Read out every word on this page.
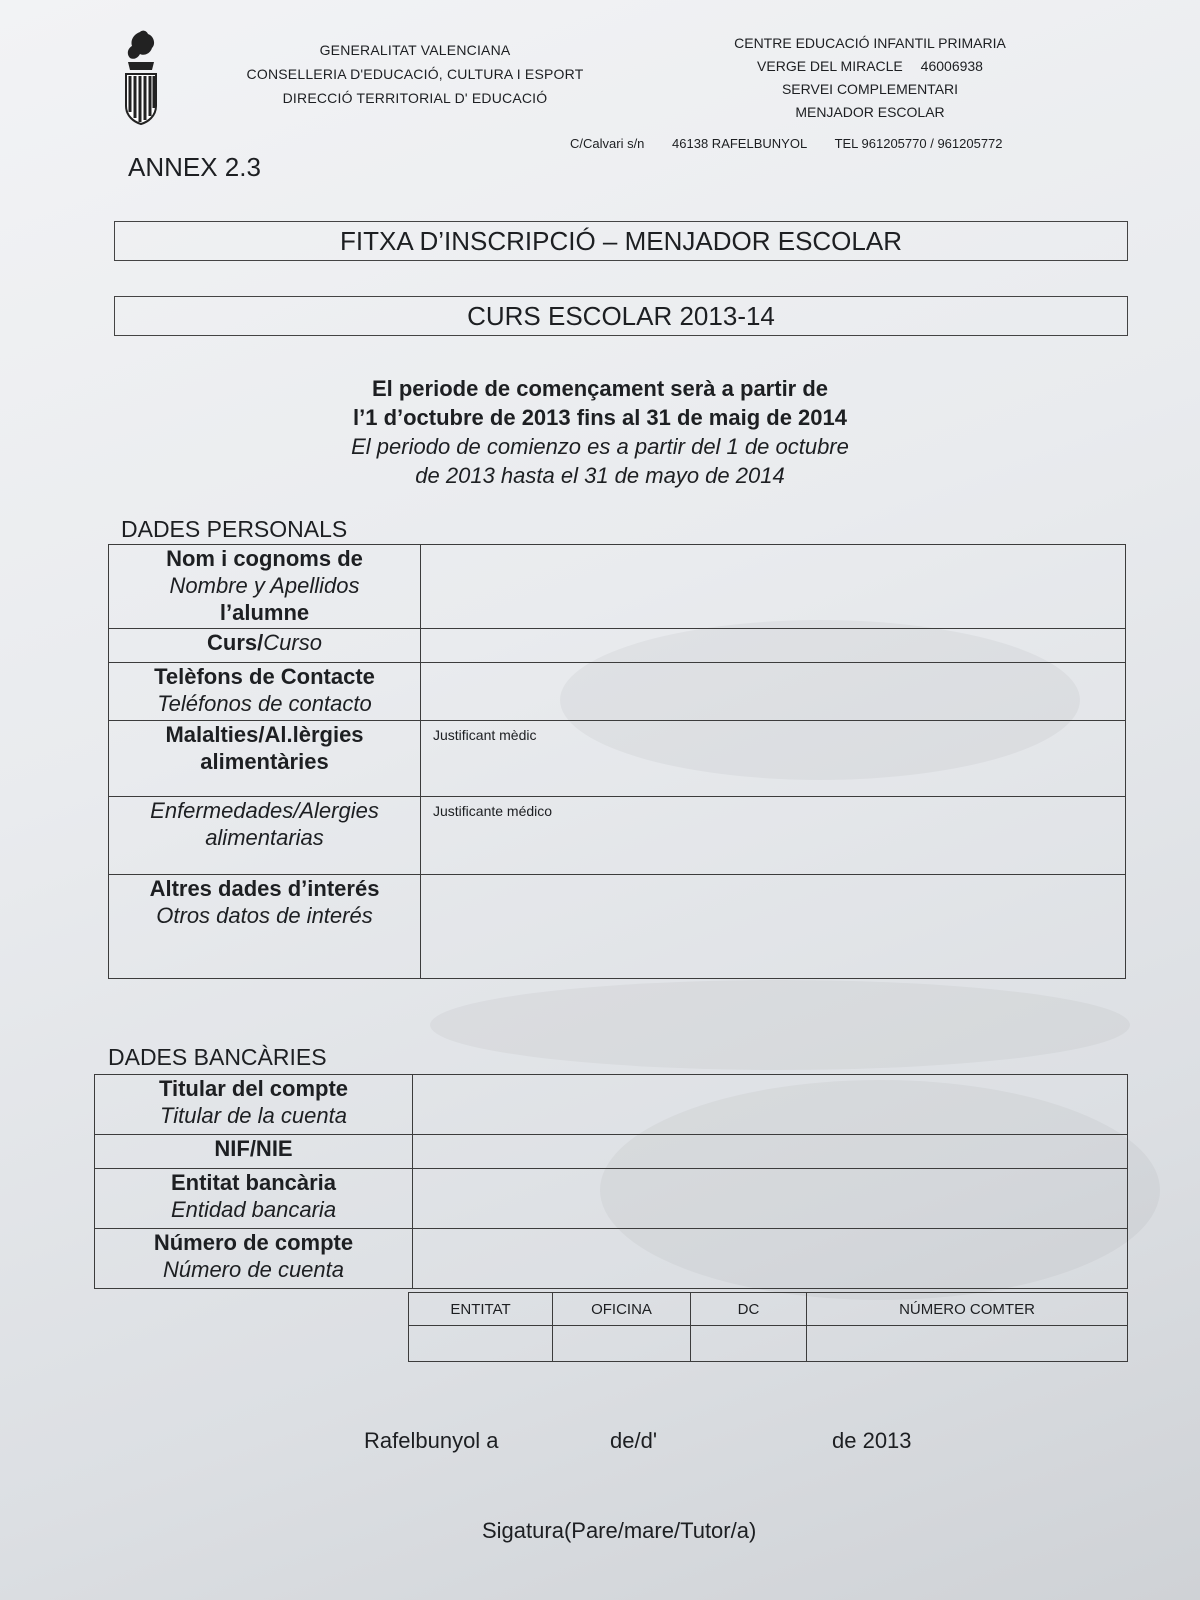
GENERALITAT VALENCIANA
CONSELLERIA D'EDUCACIÓ, CULTURA I ESPORT
DIRECCIÓ TERRITORIAL D' EDUCACIÓ
CENTRE EDUCACIÓ INFANTIL PRIMARIA
VERGE DEL MIRACLE 46006938
SERVEI COMPLEMENTARI
MENJADOR ESCOLAR
C/Calvari s/n 46138 RAFELBUNYOL TEL 961205770 / 961205772
ANNEX 2.3
FITXA D’INSCRIPCIÓ – MENJADOR ESCOLAR
CURS ESCOLAR 2013-14
El periode de començament serà a partir de
l’1 d’octubre de 2013 fins al 31 de maig de 2014
El periodo de comienzo es a partir del 1 de octubre
de 2013 hasta el 31 de mayo de 2014
DADES PERSONALS
Nom i cognoms de
Nombre y Apellidos
l’alumne	

Curs/Curso	

Telèfons de Contacte
Teléfonos de contacto	

Malalties/Al.lèrgies
alimentàries	Justificant mèdic

Enfermedades/Alergies
alimentarias	Justificante médico

Altres dades d’interés
Otros datos de interés	

DADES BANCÀRIES
Titular del compte
Titular de la cuenta	

NIF/NIE	

Entitat bancària
Entidad bancaria	

Número de compte
Número de cuenta	

ENTITAT	OFICINA	DC	NÚMERO COMTER

Rafelbunyol a	de/d'	de 2013
Sigatura(Pare/mare/Tutor/a)
